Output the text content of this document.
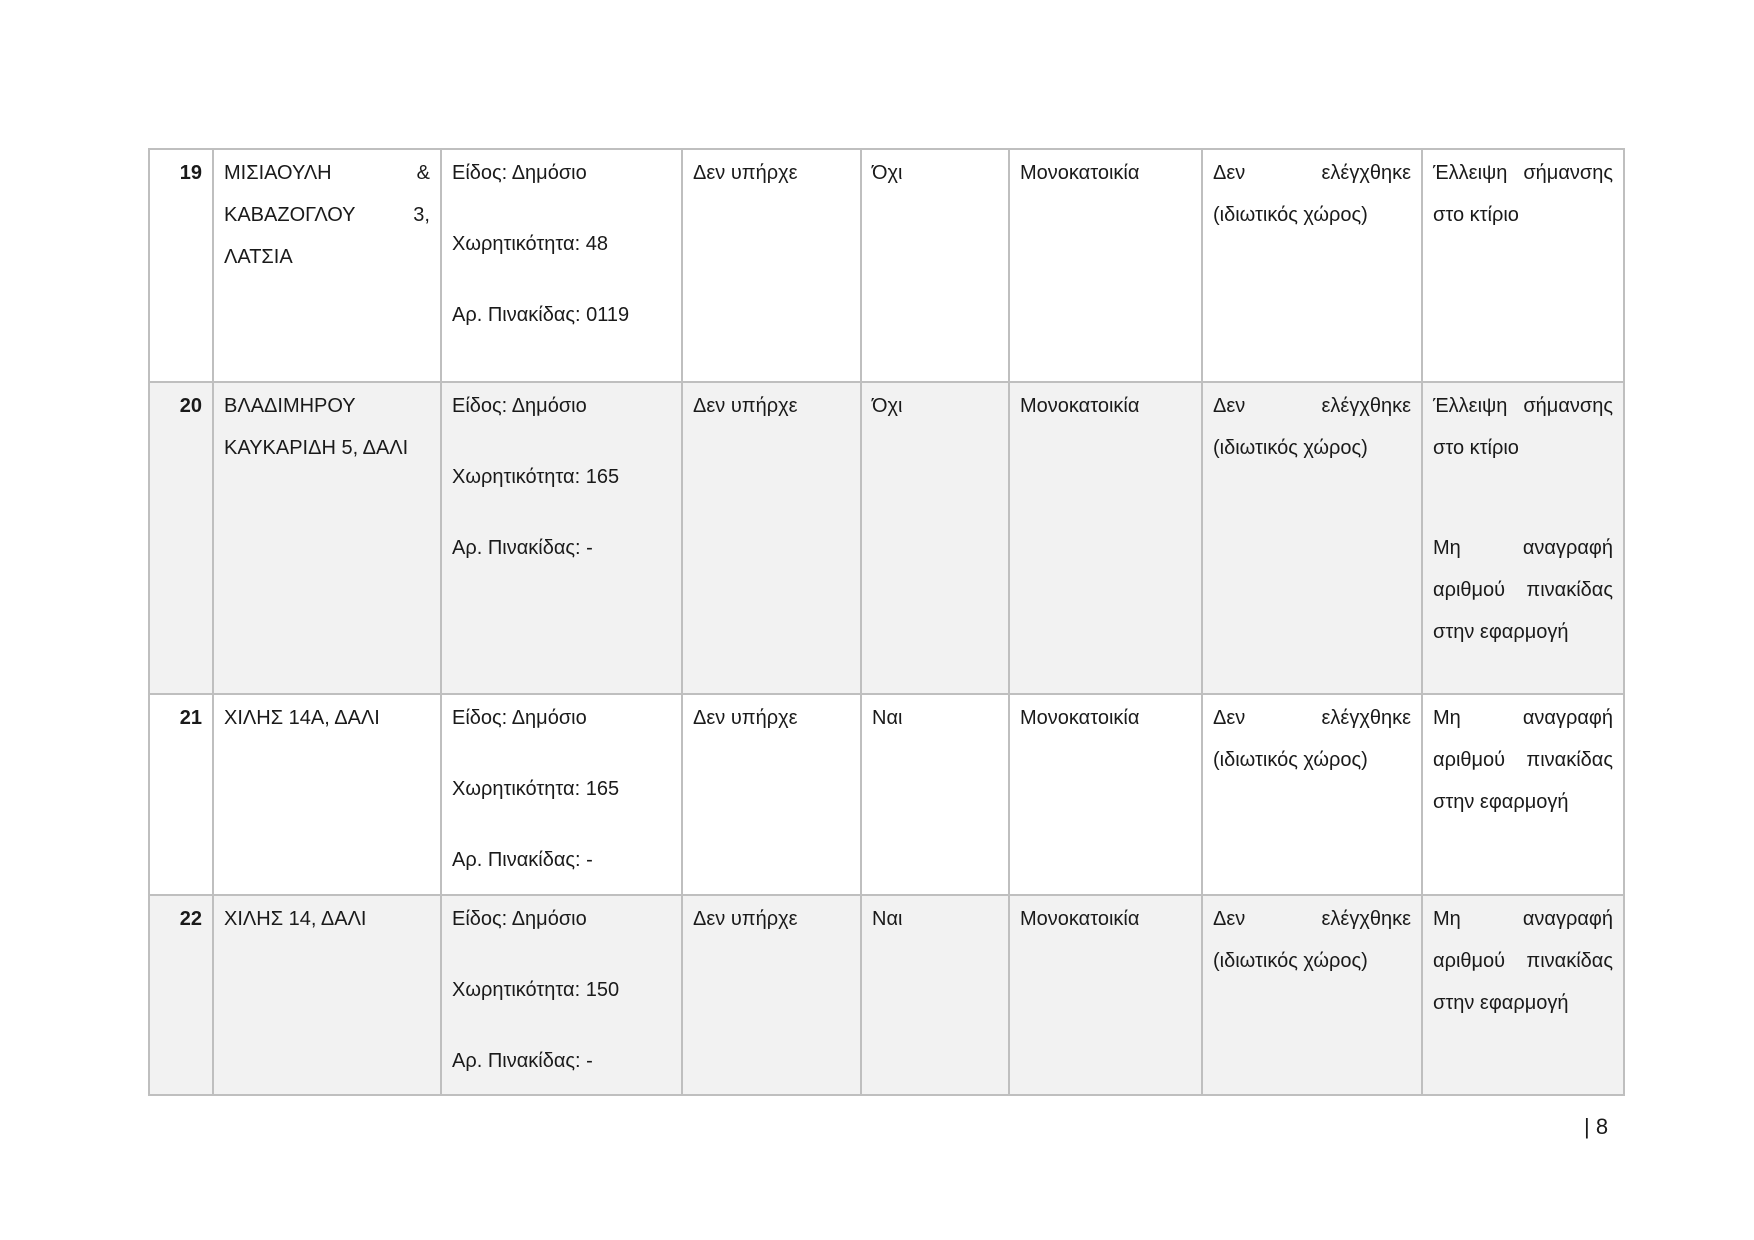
19	ΜΙΣΙΑΟΥΛΗ & ΚΑΒΑΖΟΓΛΟΥ 3, ΛΑΤΣΙΑ	Είδος: Δημόσιο
Χωρητικότητα: 48
Αρ. Πινακίδας: 0119	Δεν υπήρχε	Όχι	Μονοκατοικία	Δεν ελέγχθηκε (ιδιωτικός χώρος)	Έλλειψη σήμανσης στο κτίριο

20	ΒΛΑΔΙΜΗΡΟΥ ΚΑΥΚΑΡΙΔΗ 5, ΔΑΛΙ	Είδος: Δημόσιο
Χωρητικότητα: 165
Αρ. Πινακίδας: -	Δεν υπήρχε	Όχι	Μονοκατοικία	Δεν ελέγχθηκε (ιδιωτικός χώρος)	Έλλειψη σήμανσης στο κτίριο
Μη αναγραφή αριθμού πινακίδας στην εφαρμογή

21	ΧΙΛΗΣ 14Α, ΔΑΛΙ	Είδος: Δημόσιο
Χωρητικότητα: 165
Αρ. Πινακίδας: -	Δεν υπήρχε	Ναι	Μονοκατοικία	Δεν ελέγχθηκε (ιδιωτικός χώρος)	Μη αναγραφή αριθμού πινακίδας στην εφαρμογή

22	ΧΙΛΗΣ 14, ΔΑΛΙ	Είδος: Δημόσιο
Χωρητικότητα: 150
Αρ. Πινακίδας: -	Δεν υπήρχε	Ναι	Μονοκατοικία	Δεν ελέγχθηκε (ιδιωτικός χώρος)	Μη αναγραφή αριθμού πινακίδας στην εφαρμογή
| 8
